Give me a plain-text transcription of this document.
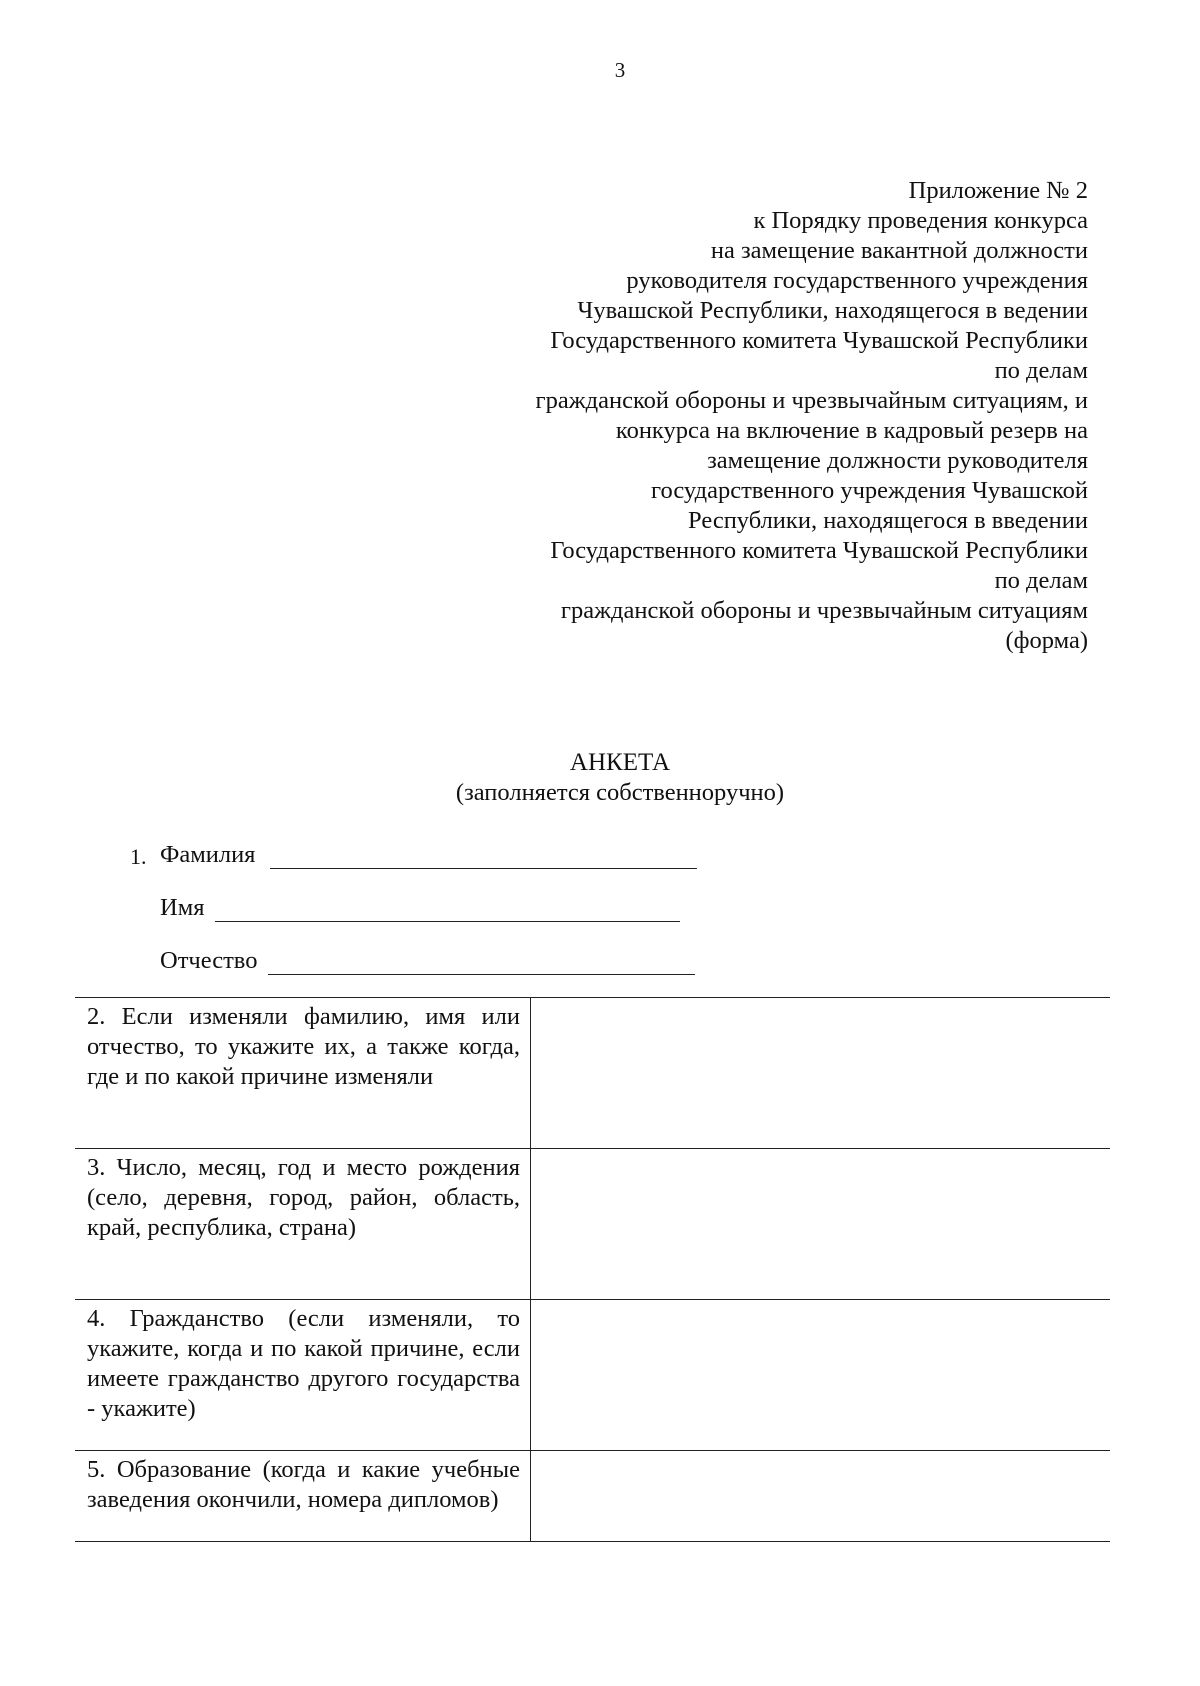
3
Приложение № 2
к Порядку проведения конкурса
на замещение вакантной должности
руководителя государственного учреждения
Чувашской Республики, находящегося в ведении
Государственного комитета Чувашской Республики
по делам
гражданской обороны и чрезвычайным ситуациям, и
конкурса на включение в кадровый резерв на
замещение должности руководителя
государственного учреждения Чувашской
Республики, находящегося в введении
Государственного комитета Чувашской Республики
по делам
гражданской обороны и чрезвычайным ситуациям
(форма)
АНКЕТА
(заполняется собственноручно)
1. Фамилия
Имя
Отчество
2. Если изменяли фамилию, имя или отчество, то укажите их, а также когда, где и по какой причине изменяли	

3. Число, месяц, год и место рождения (село, деревня, город, район, область, край, республика, страна)	

4. Гражданство (если изменяли, то укажите, когда и по какой причине, если имеете гражданство другого государства - укажите)	

5. Образование (когда и какие учебные заведения окончили, номера дипломов)	
